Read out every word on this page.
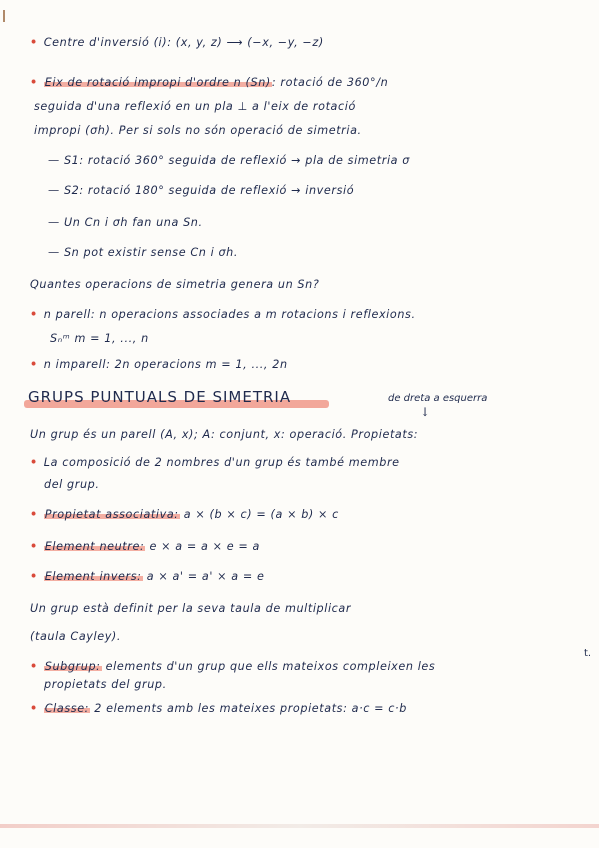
• Centre d'inversió (i): (x, y, z) ⟶ (−x, −y, −z)
• Eix de rotació impropi d'ordre n (Sn): rotació de 360°/n
seguida d'una reflexió en un pla ⊥ a l'eix de rotació
impropi (σh). Per si sols no són operació de simetria.
— S1: rotació 360° seguida de reflexió → pla de simetria σ
— S2: rotació 180° seguida de reflexió → inversió
— Un Cn i σh fan una Sn.
— Sn pot existir sense Cn i σh.
Quantes operacions de simetria genera un Sn?
• n parell: n operacions associades a m rotacions i reflexions.
Sₙᵐ m = 1, ..., n
• n imparell: 2n operacions m = 1, ..., 2n
GRUPS PUNTUALS DE SIMETRIA	de dreta a esquerra
↓
Un grup és un parell (A, x); A: conjunt, x: operació. Propietats:
• La composició de 2 nombres d'un grup és també membre
del grup.
• Propietat associativa: a × (b × c) = (a × b) × c
• Element neutre: e × a = a × e = a
• Element invers: a × a' = a' × a = e
Un grup està definit per la seva taula de multiplicar
(taula Cayley).
• Subgrup: elements d'un grup que ells mateixos compleixen les
propietats del grup.
• Classe: 2 elements amb les mateixes propietats: a·c = c·b
t.
